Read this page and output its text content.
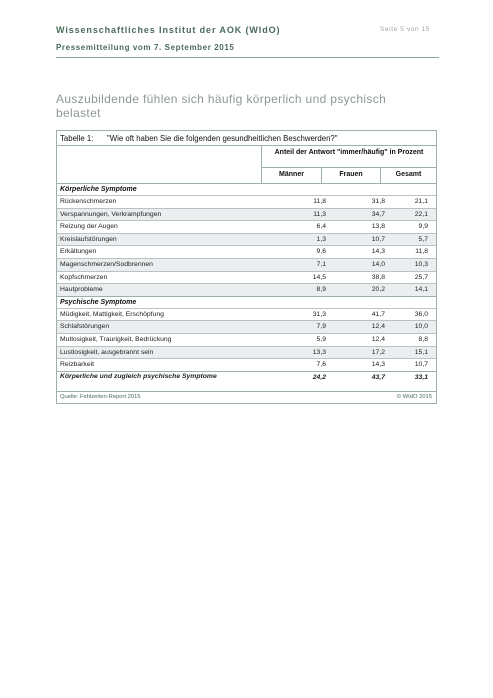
Wissenschaftliches Institut der AOK (WIdO)	Seite 5 von 15
Pressemitteilung vom 7. September 2015
Auszubildende fühlen sich häufig körperlich und psychisch belastet
Tabelle 1: "Wie oft haben Sie die folgenden gesundheitlichen Beschwerden?"
Anteil der Antwort "immer/häufig" in Prozent
Männer	Frauen	Gesamt
Körperliche Symptome
Rückenschmerzen	11,8	31,8	21,1
Verspannungen, Verkrampfungen	11,3	34,7	22,1
Reizung der Augen	6,4	13,8	9,9
Kreislaufstörungen	1,3	10,7	5,7
Erkältungen	9,6	14,3	11,8
Magenschmerzen/Sodbrennen	7,1	14,0	10,3
Kopfschmerzen	14,5	38,8	25,7
Hautprobleme	8,9	20,2	14,1
Psychische Symptome
Müdigkeit, Mattigkeit, Erschöpfung	31,3	41,7	36,0
Schlafstörungen	7,9	12,4	10,0
Mutlosigkeit, Traurigkeit, Bedrückung	5,9	12,4	8,8
Lustlosigkeit, ausgebrannt sein	13,3	17,2	15,1
Reizbarkeit	7,6	14,3	10,7
Körperliche und zugleich psychische Symptome	24,2	43,7	33,1
Quelle: Fehlzeiten-Report 2015	© WIdO 2015
